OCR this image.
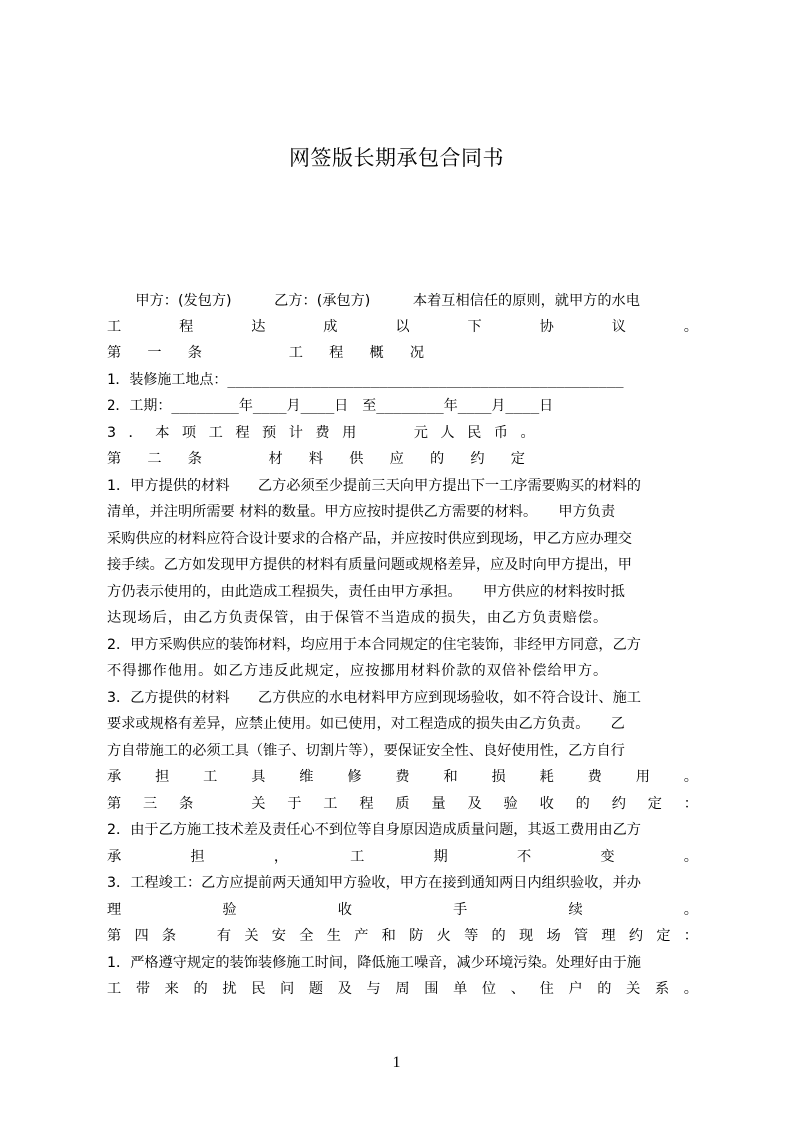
网签版长期承包合同书
　　甲方：(发包方)　　　乙方：(承包方)　　　本着互相信任的原则，就甲方的水电
工　程　达　成　以　下　协　议　。
第　一　条　　　　工　程　概　况
1．装修施工地点：_______________________________________________
2．工期：________年____月____日　至________年____月____日
3 ． 本 项 工 程 预 计 费 用 　　 元 人 民 币 。
第　二　条　　　材　料　供　应　的　约　定
1．甲方提供的材料　　乙方必须至少提前三天向甲方提出下一工序需要购买的材料的
清单，并注明所需要 材料的数量。甲方应按时提供乙方需要的材料。　　甲方负责
采购供应的材料应符合设计要求的合格产品，并应按时供应到现场，甲乙方应办理交
接手续。乙方如发现甲方提供的材料有质量问题或规格差异，应及时向甲方提出，甲
方仍表示使用的，由此造成工程损失，责任由甲方承担。　　甲方供应的材料按时抵
达现场后，由乙方负责保管，由于保管不当造成的损失，由乙方负责赔偿。
2．甲方采购供应的装饰材料，均应用于本合同规定的住宅装饰，非经甲方同意，乙方
不得挪作他用。如乙方违反此规定，应按挪用材料价款的双倍补偿给甲方。
3．乙方提供的材料　　乙方供应的水电材料甲方应到现场验收，如不符合设计、施工
要求或规格有差异，应禁止使用。如已使用，对工程造成的损失由乙方负责。　　乙
方自带施工的必须工具（锥子、切割片等），要保证安全性、良好使用性，乙方自行
承　担　工　具　维　修　费　和　损　耗　费　用　。
第 三 条 　 关 于 工 程 质 量 及 验 收 的 约 定 ：
2．由于乙方施工技术差及责任心不到位等自身原因造成质量问题，其返工费用由乙方
承　担　，　工　期　不　变　。
3．工程竣工：乙方应提前两天通知甲方验收，甲方在接到通知两日内组织验收，并办
理　验　收　手　续　。
第四条　有关安全生产和防火等的现场管理约定：
1．严格遵守规定的装饰装修施工时间，降低施工噪音，减少环境污染。处理好由于施
工带来的扰民问题及与周围单位、住户的关系。
1
